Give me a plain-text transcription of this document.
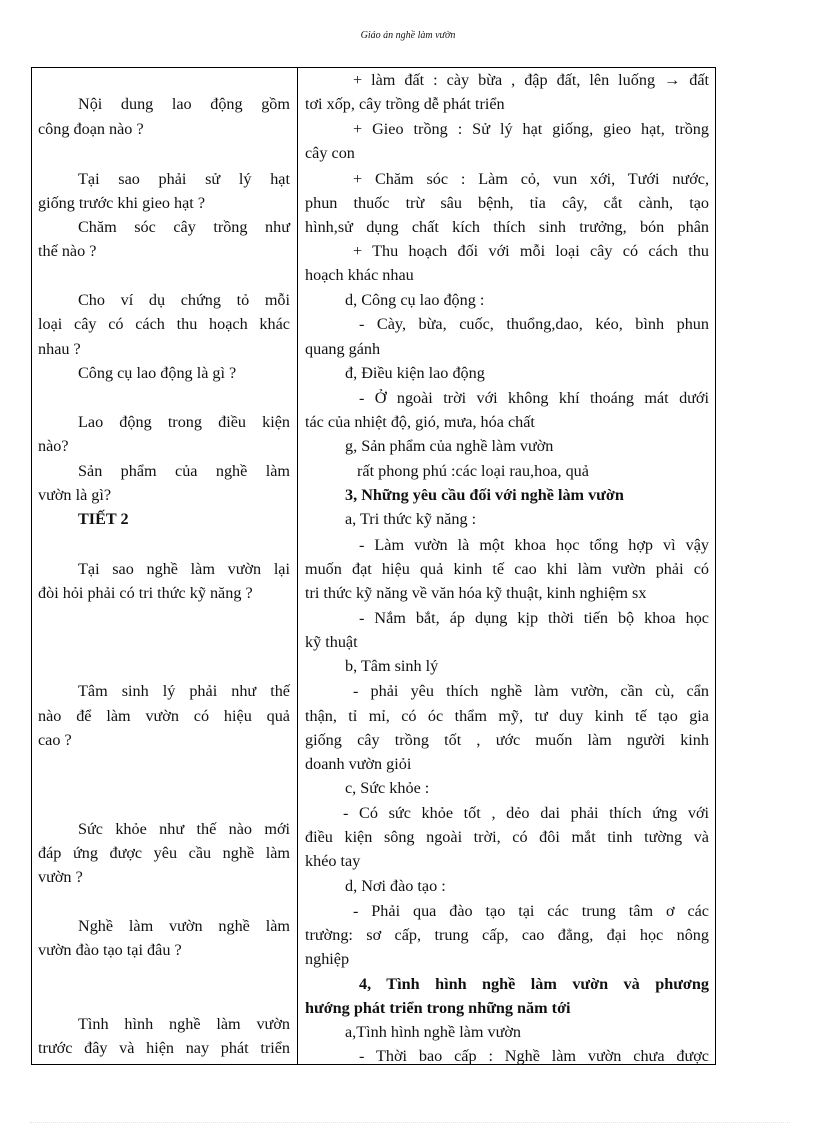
Giáo án nghề làm vườn
Nội dung lao động gồm
công đoạn nào ?
Tại sao phải sử lý hạt
giống trước khi gieo hạt ?
Chăm sóc cây trồng như
thế nào ?
Cho ví dụ chứng tỏ mỗi
loại cây có cách thu hoạch khác
nhau ?
Công cụ lao động là gì ?
Lao động trong điều kiện
nào?
Sản phẩm của nghề làm
vườn là gì?
TIẾT 2
Tại sao nghề làm vườn lại
đòi hỏi phải có tri thức kỹ năng ?
Tâm sinh lý phải như thế
nào để làm vườn có hiệu quả
cao ?
Sức khỏe như thế nào mới
đáp ứng được yêu cầu nghề làm
vườn ?
Nghề làm vườn nghề làm
vườn đào tạo tại đâu ?
Tình hình nghề làm vườn
trước đây và hiện nay phát triển
+ làm đất : cày bừa , đập đất, lên luống → đất
tơi xốp, cây trồng dễ phát triển
+ Gieo trồng : Sử lý hạt giống, gieo hạt, trồng
cây con
+ Chăm sóc : Làm cỏ, vun xới, Tưới nước,
phun thuốc trừ sâu bệnh, tỉa cây, cắt cành, tạo
hình,sử dụng chất kích thích sinh trưởng, bón phân
+ Thu hoạch đối với mỗi loại cây có cách thu
hoạch khác nhau
d, Công cụ lao động :
- Cày, bừa, cuốc, thuổng,dao, kéo, bình phun
quang gánh
đ, Điều kiện lao động
- Ở ngoài trời với không khí thoáng mát dưới
tác của nhiệt độ, gió, mưa, hóa chất
g, Sản phẩm của nghề làm vườn
rất phong phú :các loại rau,hoa, quả
3, Những yêu cầu đối với nghề làm vườn
a, Tri thức kỹ năng :
- Làm vườn là một khoa học tổng hợp vì vậy
muốn đạt hiệu quả kinh tế cao khi làm vườn phải có
tri thức kỹ năng về văn hóa kỹ thuật, kinh nghiệm sx
- Nắm bắt, áp dụng kịp thời tiến bộ khoa học
kỹ thuật
b, Tâm sinh lý
- phải yêu thích nghề làm vườn, cần cù, cẩn
thận, tỉ mỉ, có óc thẩm mỹ, tư duy kinh tế tạo gia
giống cây trồng tốt , ước muốn làm người kinh
doanh vườn giỏi
c, Sức khỏe :
- Có sức khỏe tốt , dẻo dai phải thích ứng với
điều kiện sông ngoài trời, có đôi mắt tinh tường và
khéo tay
d, Nơi đào tạo :
- Phải qua đào tạo tại các trung tâm ơ các
trường: sơ cấp, trung cấp, cao đẳng, đại học nông
nghiệp
4, Tình hình nghề làm vườn và phương
hướng phát triển trong những năm tới
a,Tình hình nghề làm vườn
- Thời bao cấp : Nghề làm vườn chưa được
